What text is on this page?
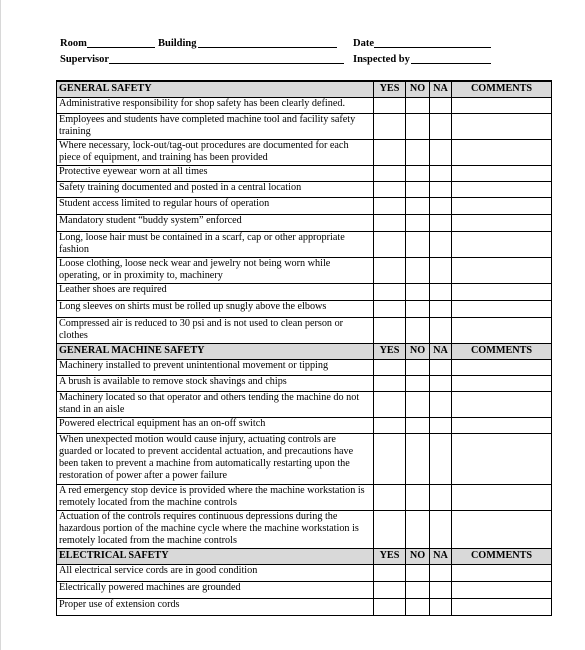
Room	Building	Date
Supervisor	Inspected by
GENERAL SAFETY	YES	NO	NA	COMMENTS
Administrative responsibility for shop safety has been clearly defined.				
Employees and students have completed machine tool and facility safety training				
Where necessary, lock-out/tag-out procedures are documented for each piece of equipment, and training has been provided				
Protective eyewear worn at all times				
Safety training documented and posted in a central location				
Student access limited to regular hours of operation				
Mandatory student “buddy system” enforced				
Long, loose hair must be contained in a scarf, cap or other appropriate fashion				
Loose clothing, loose neck wear and jewelry not being worn while operating, or in proximity to, machinery				
Leather shoes are required				
Long sleeves on shirts must be rolled up snugly above the elbows				
Compressed air is reduced to 30 psi and is not used to clean person or clothes				
GENERAL MACHINE SAFETY	YES	NO	NA	COMMENTS
Machinery installed to prevent unintentional movement or tipping				
A brush is available to remove stock shavings and chips				
Machinery located so that operator and others tending the machine do not stand in an aisle				
Powered electrical equipment has an on-off switch				
When unexpected motion would cause injury, actuating controls are guarded or located to prevent accidental actuation, and precautions have been taken to prevent a machine from automatically restarting upon the restoration of power after a power failure				
A red emergency stop device is provided where the machine workstation is remotely located from the machine controls				
Actuation of the controls requires continuous depressions during the hazardous portion of the machine cycle where the machine workstation is remotely located from the machine controls				
ELECTRICAL SAFETY	YES	NO	NA	COMMENTS
All electrical service cords are in good condition				
Electrically powered machines are grounded				
Proper use of extension cords				
